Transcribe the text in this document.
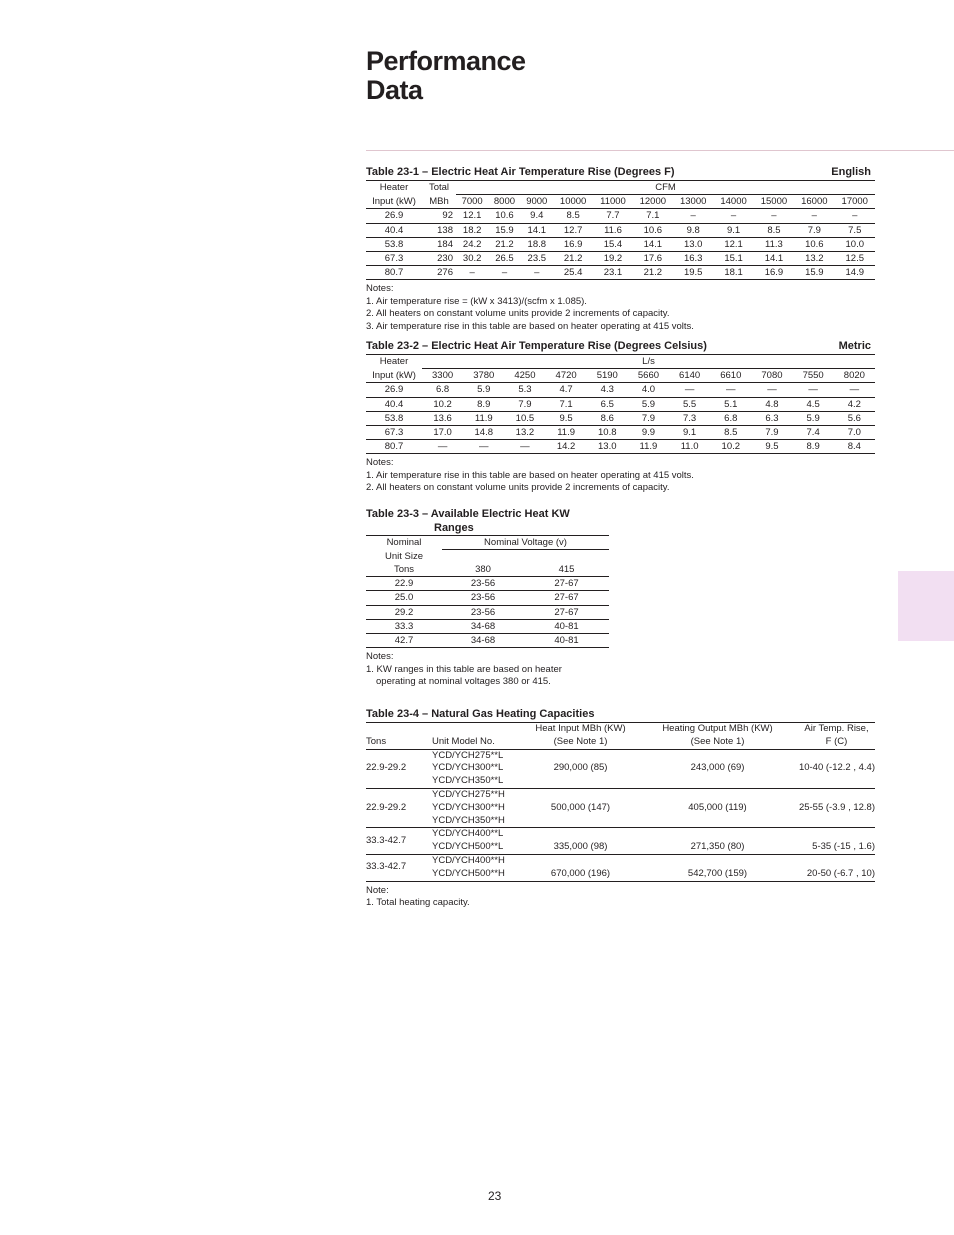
Performance
Data
Table 23-1 – Electric Heat Air Temperature Rise (Degrees F)	English
Heater	Total	CFM										
Input (kW)	MBh	7000	8000	9000	10000	11000	12000	13000	14000	15000	16000	17000
26.9	92	12.1	10.6	9.4	8.5	7.7	7.1	–	–	–	–	–
40.4	138	18.2	15.9	14.1	12.7	11.6	10.6	9.8	9.1	8.5	7.9	7.5
53.8	184	24.2	21.2	18.8	16.9	15.4	14.1	13.0	12.1	11.3	10.6	10.0
67.3	230	30.2	26.5	23.5	21.2	19.2	17.6	16.3	15.1	14.1	13.2	12.5
80.7	276	–	–	–	25.4	23.1	21.2	19.5	18.1	16.9	15.9	14.9
Notes:
1. Air temperature rise = (kW x 3413)/(scfm x 1.085).
2. All heaters on constant volume units provide 2 increments of capacity.
3. Air temperature rise in this table are based on heater operating at 415 volts.
Table 23-2 – Electric Heat Air Temperature Rise (Degrees Celsius)	Metric
Heater	L/s										
Input (kW)	3300	3780	4250	4720	5190	5660	6140	6610	7080	7550	8020
26.9	6.8	5.9	5.3	4.7	4.3	4.0	—	—	—	—	—
40.4	10.2	8.9	7.9	7.1	6.5	5.9	5.5	5.1	4.8	4.5	4.2
53.8	13.6	11.9	10.5	9.5	8.6	7.9	7.3	6.8	6.3	5.9	5.6
67.3	17.0	14.8	13.2	11.9	10.8	9.9	9.1	8.5	7.9	7.4	7.0
80.7	—	—	—	14.2	13.0	11.9	11.0	10.2	9.5	8.9	8.4
Notes:
1. Air temperature rise in this table are based on heater operating at 415 volts.
2. All heaters on constant volume units provide 2 increments of capacity.
Table 23-3 – Available Electric Heat KW
Ranges
Nominal	Nominal Voltage (v)	
Unit Size		
Tons	380	415
22.9	23-56	27-67
25.0	23-56	27-67
29.2	23-56	27-67
33.3	34-68	40-81
42.7	34-68	40-81
Notes:
1. KW ranges in this table are based on heater
operating at nominal voltages 380 or 415.
Table 23-4 – Natural Gas Heating Capacities
		Heat Input MBh (KW)	Heating Output MBh (KW)	Air Temp. Rise,
Tons	Unit Model No.	(See Note 1)	(See Note 1)	F (C)
22.9-29.2	YCD/YCH275**L
YCD/YCH300**L
YCD/YCH350**L	290,000 (85)	243,000 (69)	10-40 (-12.2 , 4.4)
22.9-29.2	YCD/YCH275**H
YCD/YCH300**H
YCD/YCH350**H	500,000 (147)	405,000 (119)	25-55 (-3.9 , 12.8)
33.3-42.7	YCD/YCH400**L
YCD/YCH500**L	335,000 (98)	271,350 (80)	5-35 (-15 , 1.6)
33.3-42.7	YCD/YCH400**H
YCD/YCH500**H	670,000 (196)	542,700 (159)	20-50 (-6.7 , 10)
Note:
1. Total heating capacity.
23
